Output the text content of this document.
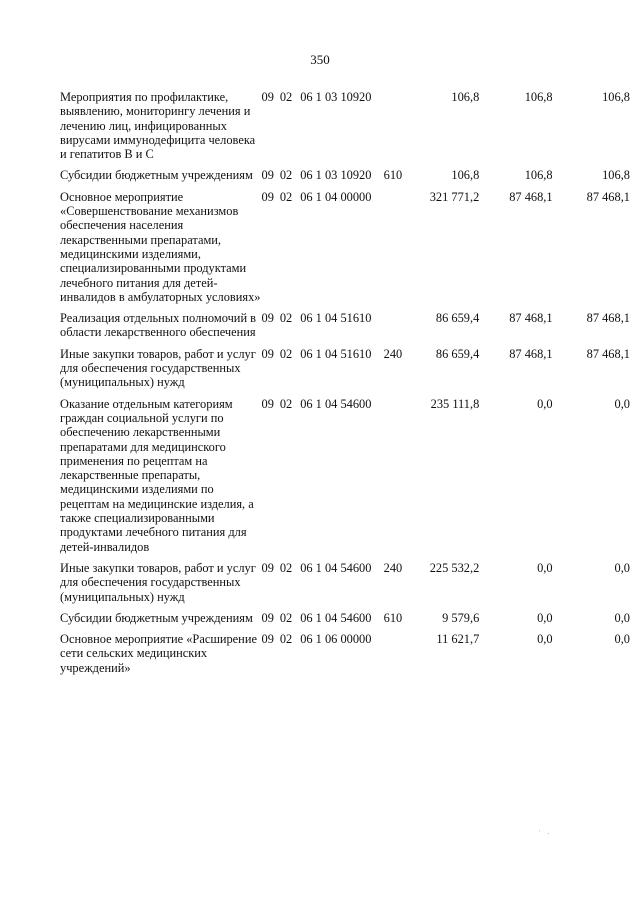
350
Мероприятия по профилактике, выявлению, мониторингу лечения и лечению лиц, инфицированных вирусами иммунодефицита человека и гепатитов В и С	09	02	06 1 03 10920		106,8	106,8	106,8
Субсидии бюджетным учреждениям	09	02	06 1 03 10920	610	106,8	106,8	106,8
Основное мероприятие «Совершенствование механизмов обеспечения населения лекарственными препаратами, медицинскими изделиями, специализированными продуктами лечебного питания для детей-инвалидов в амбулаторных условиях»	09	02	06 1 04 00000		321 771,2	87 468,1	87 468,1
Реализация отдельных полномочий в области лекарственного обеспечения	09	02	06 1 04 51610		86 659,4	87 468,1	87 468,1
Иные закупки товаров, работ и услуг для обеспечения государственных (муниципальных) нужд	09	02	06 1 04 51610	240	86 659,4	87 468,1	87 468,1
Оказание отдельным категориям граждан социальной услуги по обеспечению лекарственными препаратами для медицинского применения по рецептам на лекарственные препараты, медицинскими изделиями по рецептам на медицинские изделия, а также специализированными продуктами лечебного питания для детей-инвалидов	09	02	06 1 04 54600		235 111,8	0,0	0,0
Иные закупки товаров, работ и услуг для обеспечения государственных (муниципальных) нужд	09	02	06 1 04 54600	240	225 532,2	0,0	0,0
Субсидии бюджетным учреждениям	09	02	06 1 04 54600	610	9 579,6	0,0	0,0
Основное мероприятие «Расширение сети сельских медицинских учреждений»	09	02	06 1 06 00000		11 621,7	0,0	0,0
· .
